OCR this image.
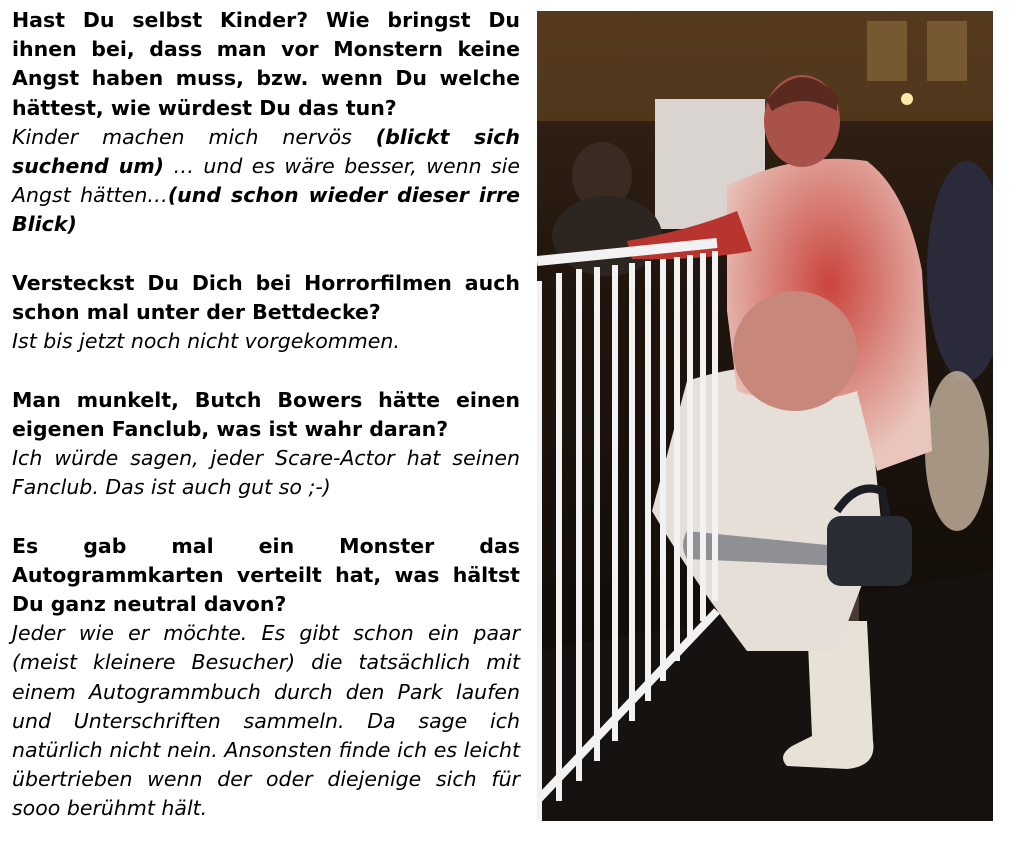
Hast Du selbst Kinder? Wie bringst Du ihnen bei, dass man vor Monstern keine Angst haben muss, bzw. wenn Du welche hättest, wie würdest Du das tun?
Kinder machen mich nervös (blickt sich suchend um) … und es wäre besser, wenn sie Angst hätten…(und schon wieder dieser irre Blick)
Versteckst Du Dich bei Horrorfilmen auch schon mal unter der Bettdecke?
Ist bis jetzt noch nicht vorgekommen.
Man munkelt, Butch Bowers hätte einen eigenen Fanclub, was ist wahr daran?
Ich würde sagen, jeder Scare-Actor hat seinen Fanclub. Das ist auch gut so ;-)
Es gab mal ein Monster das Autogrammkarten verteilt hat, was hältst Du ganz neutral davon?
Jeder wie er möchte. Es gibt schon ein paar (meist kleinere Besucher) die tatsächlich mit einem Autogrammbuch durch den Park laufen und Unterschriften sammeln. Da sage ich natürlich nicht nein. Ansonsten finde ich es leicht übertrieben wenn der oder diejenige sich für sooo berühmt hält.
